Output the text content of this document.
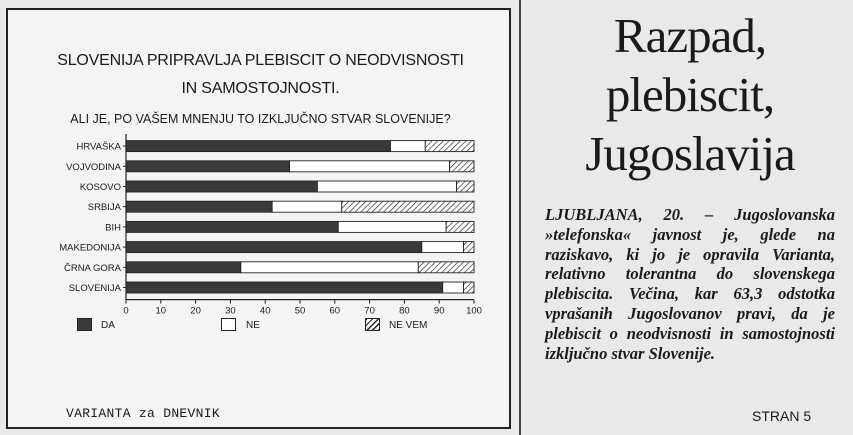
SLOVENIJA PRIPRAVLJA PLEBISCIT O NEODVISNOSTI
IN SAMOSTOJNOSTI.
ALI JE, PO VAŠEM MNENJU TO IZKLJUČNO STVAR SLOVENIJE?
HRVAŠKA
VOJVODINA
KOSOVO
SRBIJA
BIH
MAKEDONIJA
ČRNA GORA
SLOVENIJA
0	10	20	30	40	50	60	70	80	90 100
DA	NE	NE VEM
VARIANTA za DNEVNIK
Razpad,
plebiscit,
Jugoslavija
LJUBLJANA, 20. – Jugoslovanska »telefonska« javnost je, glede na raziskavo, ki jo je opravila Varianta, relativno tolerantna do slovenskega plebiscita. Večina, kar 63,3 odstotka vprašanih Jugoslovanov pravi, da je plebiscit o neodvisnosti in samostojnosti izključno stvar Slovenije.
STRAN 5
